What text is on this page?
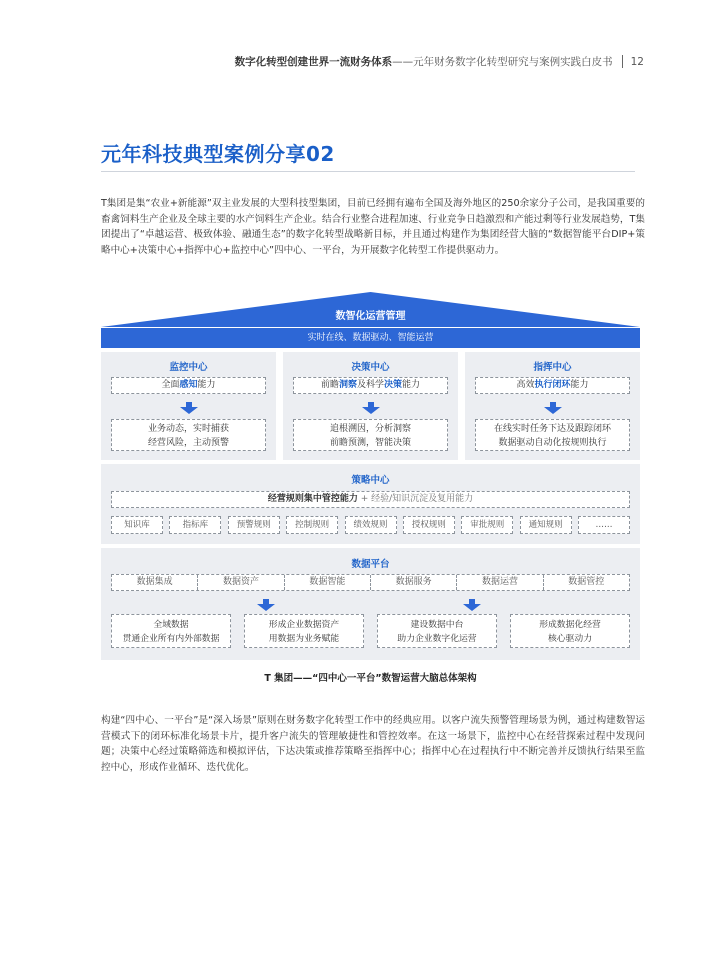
数字化转型创建世界一流财务体系 ——元年财务数字化转型研究与案例实践白皮书 12
元年科技典型案例分享02

T集团是集“农业+新能源”双主业发展的大型科技型集团，目前已经拥有遍布全国及海外地区的250余家分子公司，是我国重要的畜禽饲料生产企业及全球主要的水产饲料生产企业。结合行业整合进程加速、行业竞争日趋激烈和产能过剩等行业发展趋势，T集团提出了“卓越运营、极致体验、融通生态”的数字化转型战略新目标，并且通过构建作为集团经营大脑的“数据智能平台DIP+策略中心+决策中心+指挥中心+监控中心”四中心、一平台，为开展数字化转型工作提供驱动力。

数智化运营管理
实时在线、数据驱动、智能运营
监控中心
全面感知能力
业务动态，实时捕获
经营风险，主动预警
决策中心
前瞻洞察及科学决策能力
追根溯因，分析洞察
前瞻预测，智能决策
指挥中心
高效执行闭环能力
在线实时任务下达及跟踪闭环
数据驱动自动化按规则执行
策略中心
经营规则集中管控能力 + 经验/知识沉淀及复用能力
知识库	指标库	预警规则	控制规则	绩效规则	授权规则	审批规则	通知规则	……
数据平台
数据集成	数据资产	数据智能	数据服务	数据运营	数据管控
全域数据
贯通企业所有内外部数据
形成企业数据资产
用数据为业务赋能
建设数据中台
助力企业数字化运营
形成数据化经营
核心驱动力
T 集团——“四中心一平台”数智运营大脑总体架构

构建“四中心、一平台”是“深入场景”原则在财务数字化转型工作中的经典应用。以客户流失预警管理场景为例，通过构建数智运营模式下的闭环标准化场景卡片，提升客户流失的管理敏捷性和管控效率。在这一场景下，监控中心在经营探索过程中发现问题；决策中心经过策略筛选和模拟评估，下达决策或推荐策略至指挥中心；指挥中心在过程执行中不断完善并反馈执行结果至监控中心，形成作业循环、迭代优化。
